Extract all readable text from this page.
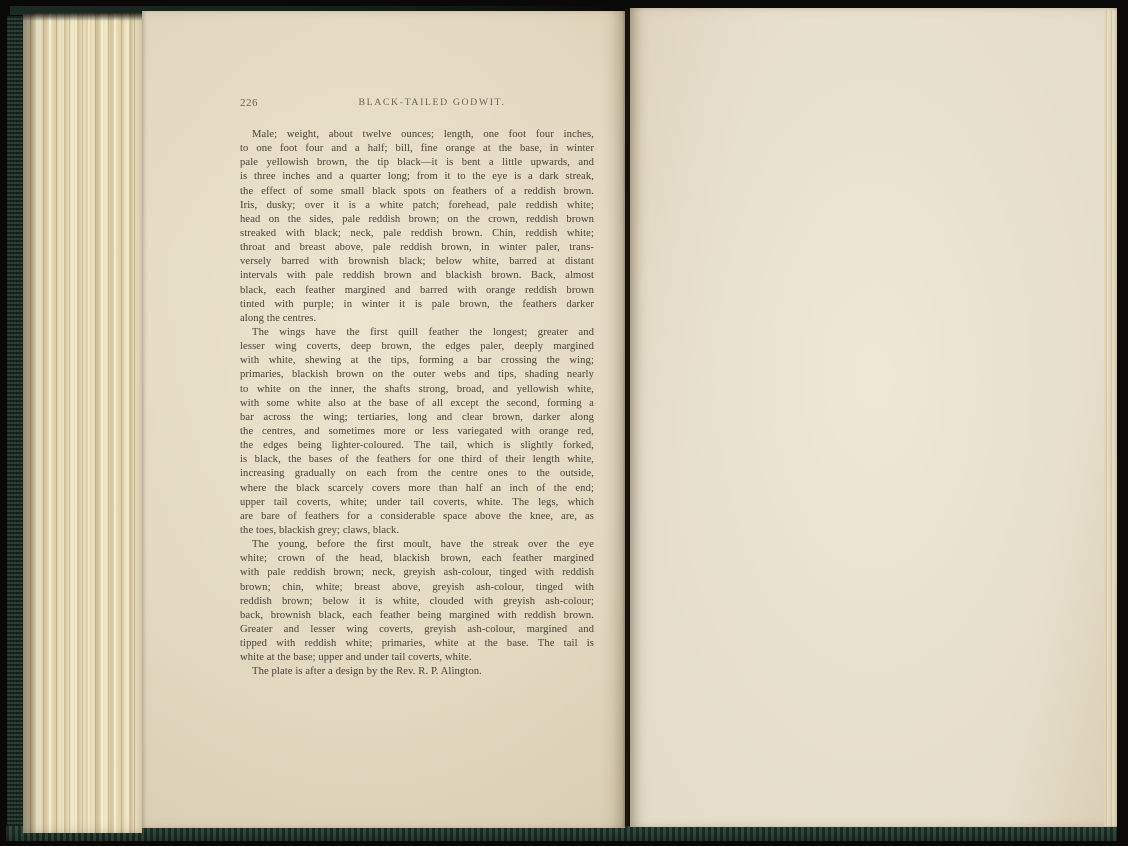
226	BLACK-TAILED GODWIT.
Male; weight, about twelve ounces; length, one foot four inches,
to one foot four and a half; bill, fine orange at the base, in winter
pale yellowish brown, the tip black—it is bent a little upwards, and
is three inches and a quarter long; from it to the eye is a dark streak,
the effect of some small black spots on feathers of a reddish brown.
Iris, dusky; over it is a white patch; forehead, pale reddish white;
head on the sides, pale reddish brown; on the crown, reddish brown
streaked with black; neck, pale reddish brown. Chin, reddish white;
throat and breast above, pale reddish brown, in winter paler, trans-
versely barred with brownish black; below white, barred at distant
intervals with pale reddish brown and blackish brown. Back, almost
black, each feather margined and barred with orange reddish brown
tinted with purple; in winter it is pale brown, the feathers darker
along the centres.
The wings have the first quill feather the longest; greater and
lesser wing coverts, deep brown, the edges paler, deeply margined
with white, shewing at the tips, forming a bar crossing the wing;
primaries, blackish brown on the outer webs and tips, shading nearly
to white on the inner, the shafts strong, broad, and yellowish white,
with some white also at the base of all except the second, forming a
bar across the wing; tertiaries, long and clear brown, darker along
the centres, and sometimes more or less variegated with orange red,
the edges being lighter-coloured. The tail, which is slightly forked,
is black, the bases of the feathers for one third of their length white,
increasing gradually on each from the centre ones to the outside,
where the black scarcely covers more than half an inch of the end;
upper tail coverts, white; under tail coverts, white. The legs, which
are bare of feathers for a considerable space above the knee, are, as
the toes, blackish grey; claws, black.
The young, before the first moult, have the streak over the eye
white; crown of the head, blackish brown, each feather margined
with pale reddish brown; neck, greyish ash-colour, tinged with reddish
brown; chin, white; breast above, greyish ash-colour, tinged with
reddish brown; below it is white, clouded with greyish ash-colour;
back, brownish black, each feather being margined with reddish brown.
Greater and lesser wing coverts, greyish ash-colour, margined and
tipped with reddish white; primaries, white at the base. The tail is
white at the base; upper and under tail coverts, white.
The plate is after a design by the Rev. R. P. Alington.
